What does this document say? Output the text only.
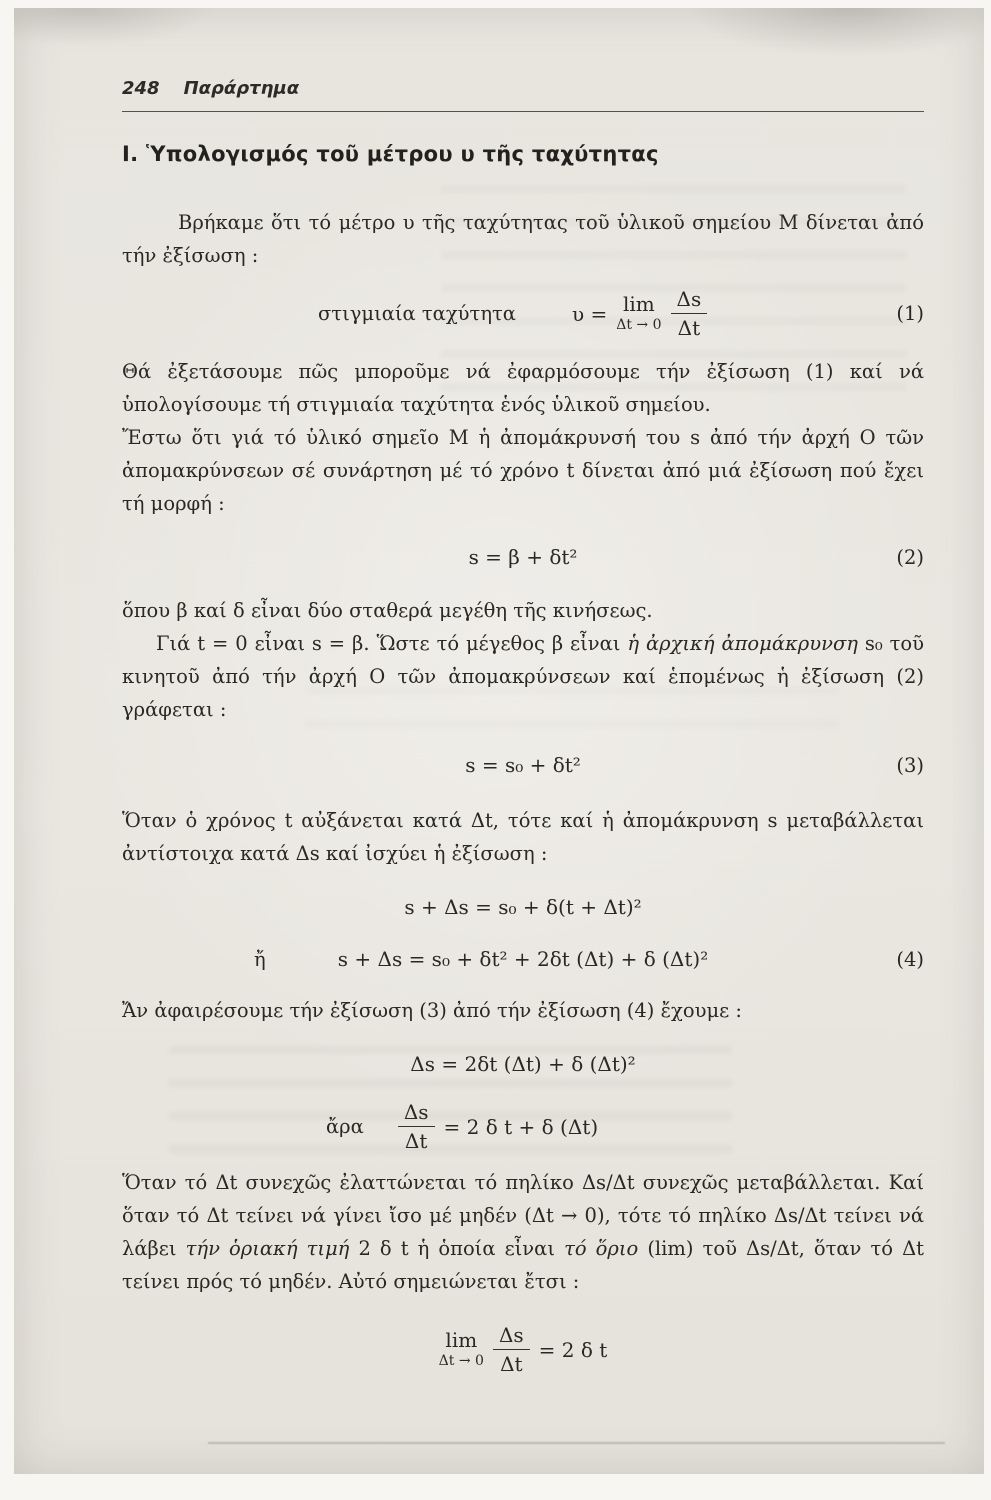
248 Παράρτημα
Ι. Ὑπολογισμός τοῦ μέτρου υ τῆς ταχύτητας

Βρήκαμε ὅτι τό μέτρο υ τῆς ταχύτητας τοῦ ὑλικοῦ σημείου Μ δίνεται ἀπό τήν ἐξίσωση :

στιγμιαία ταχύτητα	υ = lim
$\Delta t \to 0 \frac{\Delta s}{\Delta t}$	(1)

Θά ἐξετάσουμε πῶς μποροῦμε νά ἐφαρμόσουμε τήν ἐξίσωση (1) καί νά ὑπολογίσουμε τή στιγμιαία ταχύτητα ἑνός ὑλικοῦ σημείου.

Ἔστω ὅτι γιά τό ὑλικό σημεῖο Μ ἡ ἀπομάκρυνσή του s ἀπό τήν ἀρχή Ο τῶν ἀπομακρύνσεων σέ συνάρτηση μέ τό χρόνο t δίνεται ἀπό μιά ἐξίσωση πού ἔχει τή μορφή :

s = β + δt²	(2)

ὅπου β καί δ εἶναι δύο σταθερά μεγέθη τῆς κινήσεως.

Γιά t = 0 εἶναι s = β. Ὥστε τό μέγεθος β εἶναι ἡ ἀρχική ἀπομάκρυνση s₀ τοῦ κινητοῦ ἀπό τήν ἀρχή Ο τῶν ἀπομακρύνσεων καί ἑπομένως ἡ ἐξίσωση (2) γράφεται :

s = s₀ + δt²	(3)

Ὅταν ὁ χρόνος t αὐξάνεται κατά Δt, τότε καί ἡ ἀπομάκρυνση s μεταβάλλεται ἀντίστοιχα κατά Δs καί ἰσχύει ἡ ἐξίσωση :

s + Δs = s₀ + δ(t + Δt)²
ἤ	s + Δs = s₀ + δt² + 2δt (Δt) + δ (Δt)²	(4)

Ἄν ἀφαιρέσουμε τήν ἐξίσωση (3) ἀπό τήν ἐξίσωση (4) ἔχουμε :

Δs = 2δt (Δt) + δ (Δt)²
ἄρα $\frac{\Delta s}{\Delta t} = 2$ δ t + δ (Δt)

Ὅταν τό Δt συνεχῶς ἐλαττώνεται τό πηλίκο Δs/Δt συνεχῶς μεταβάλλεται. Καί ὅταν τό Δt τείνει νά γίνει ἴσο μέ μηδέν (Δt → 0), τότε τό πηλίκο Δs/Δt τείνει νά λάβει τήν ὁριακή τιμή 2 δ t ἡ ὁποία εἶναι τό ὅριο (lim) τοῦ Δs/Δt, ὅταν τό Δt τείνει πρός τό μηδέν. Αὐτό σημειώνεται ἔτσι :

lim
$\Delta t \to 0 \frac{\Delta s}{\Delta t} = 2$ δ t
